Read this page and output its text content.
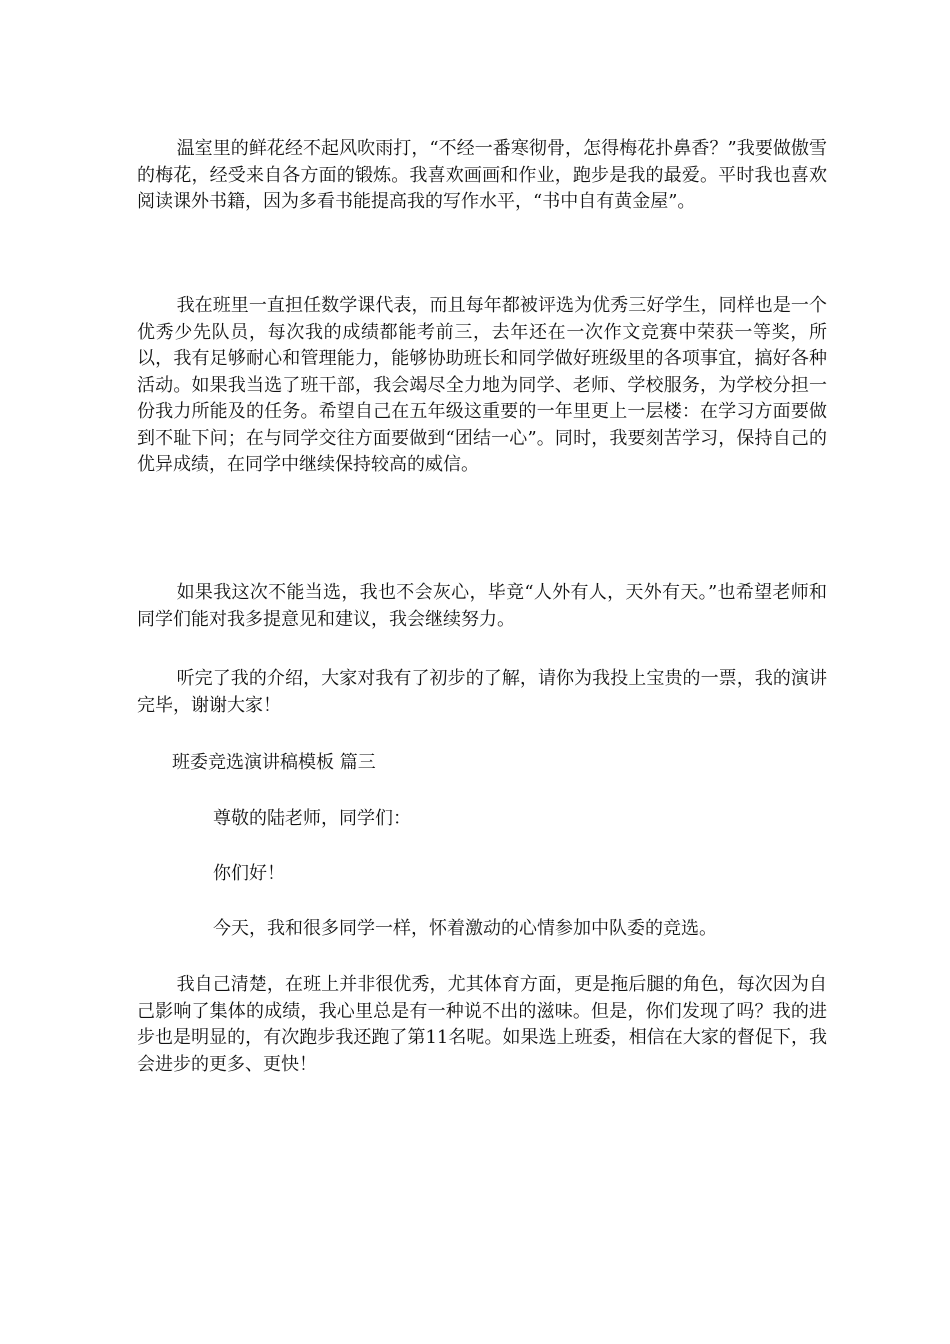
温室里的鲜花经不起风吹雨打，“不经一番寒彻骨，怎得梅花扑鼻香？”我要做傲雪的梅花，经受来自各方面的锻炼。我喜欢画画和作业，跑步是我的最爱。平时我也喜欢阅读课外书籍，因为多看书能提高我的写作水平，“书中自有黄金屋”。

我在班里一直担任数学课代表，而且每年都被评选为优秀三好学生，同样也是一个优秀少先队员，每次我的成绩都能考前三，去年还在一次作文竞赛中荣获一等奖，所以，我有足够耐心和管理能力，能够协助班长和同学做好班级里的各项事宜，搞好各种活动。如果我当选了班干部，我会竭尽全力地为同学、老师、学校服务，为学校分担一份我力所能及的任务。希望自己在五年级这重要的一年里更上一层楼：在学习方面要做到不耻下问；在与同学交往方面要做到“团结一心”。同时，我要刻苦学习，保持自己的优异成绩，在同学中继续保持较高的威信。

如果我这次不能当选，我也不会灰心，毕竟“人外有人，天外有天。”也希望老师和同学们能对我多提意见和建议，我会继续努力。

听完了我的介绍，大家对我有了初步的了解，请你为我投上宝贵的一票，我的演讲完毕，谢谢大家！

班委竞选演讲稿模板 篇三

尊敬的陆老师，同学们：

你们好！

今天，我和很多同学一样，怀着激动的心情参加中队委的竞选。

我自己清楚，在班上并非很优秀，尤其体育方面，更是拖后腿的角色，每次因为自己影响了集体的成绩，我心里总是有一种说不出的滋味。但是，你们发现了吗？我的进步也是明显的，有次跑步我还跑了第11名呢。如果选上班委，相信在大家的督促下，我会进步的更多、更快！
